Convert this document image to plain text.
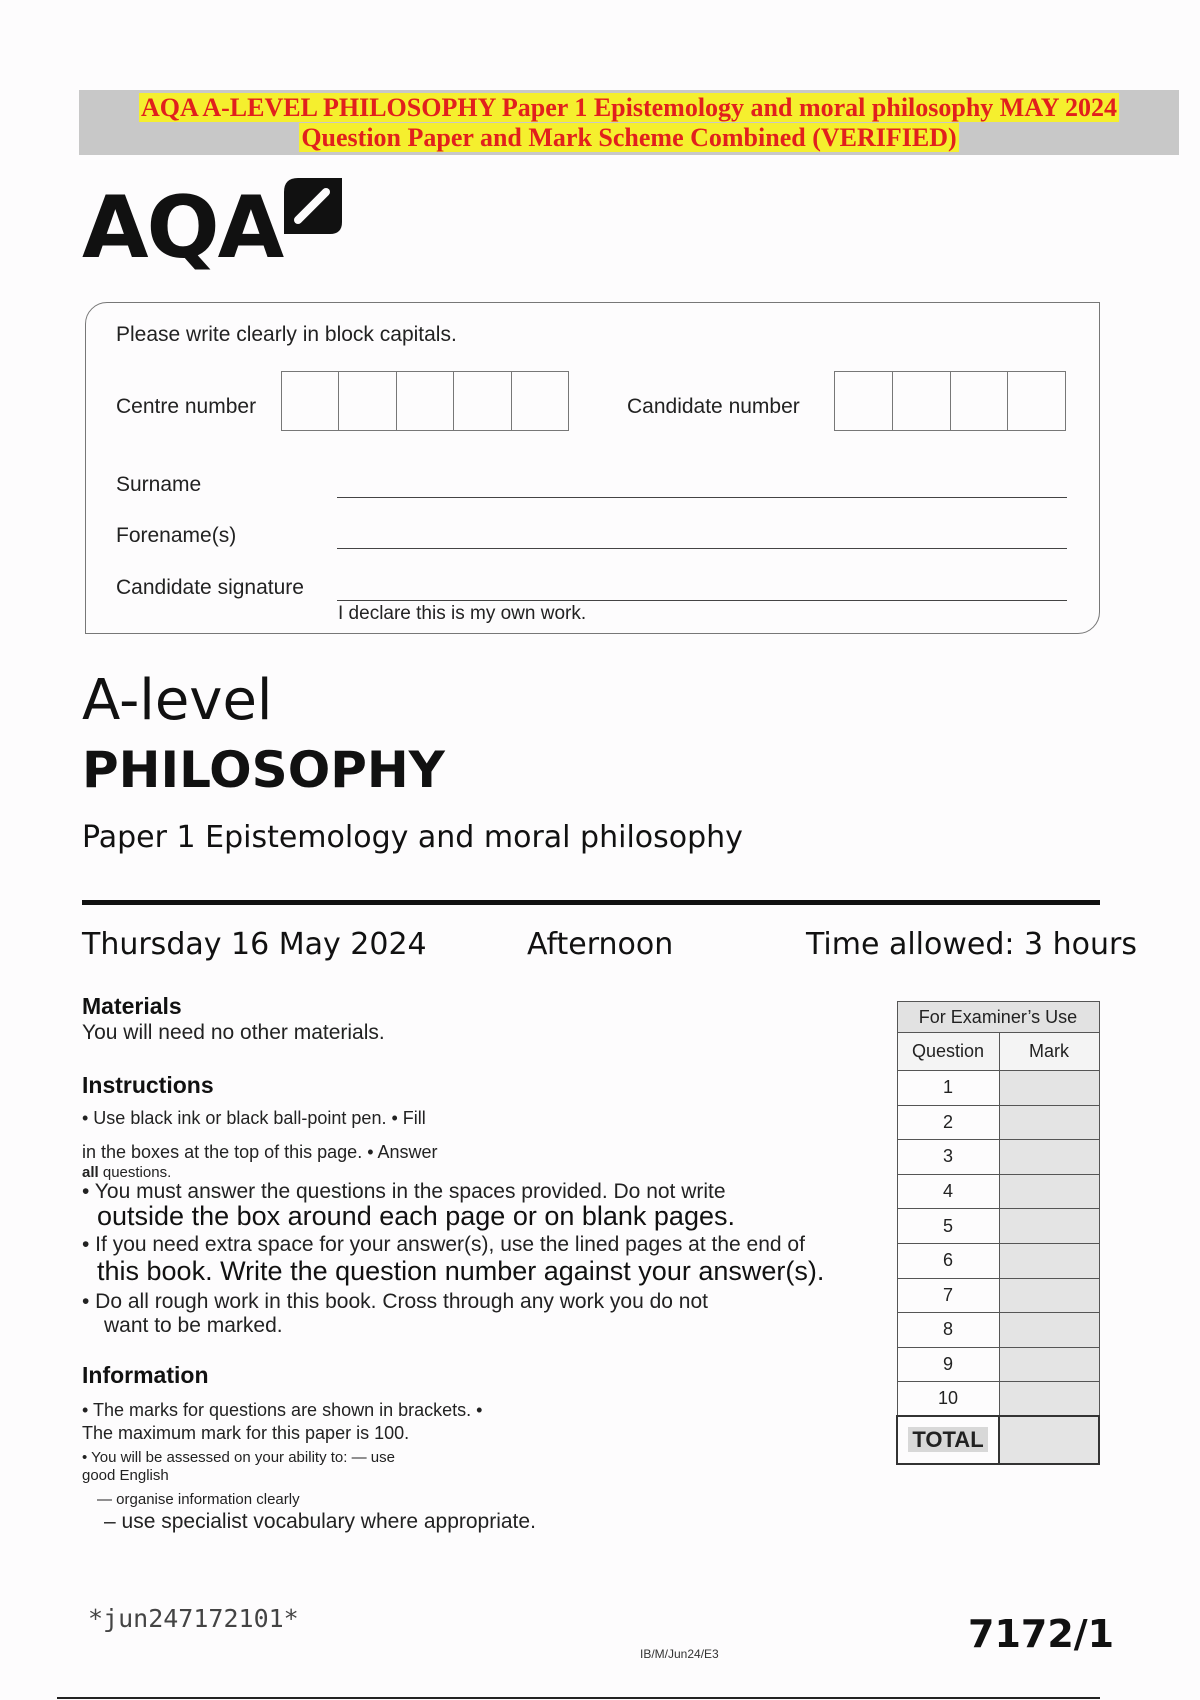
AQA A-LEVEL PHILOSOPHY Paper 1 Epistemology and moral philosophy MAY 2024
Question Paper and Mark Scheme Combined (VERIFIED)
AQA
Please write clearly in block capitals.
Centre number	Candidate number
Surname
Forename(s)
Candidate signature
I declare this is my own work.
A-level
PHILOSOPHY
Paper 1 Epistemology and moral philosophy
Thursday 16 May 2024	Afternoon	Time allowed: 3 hours
Materials
You will need no other materials.
Instructions
• Use black ink or black ball-point pen. • Fill
in the boxes at the top of this page. • Answer
all questions.
• You must answer the questions in the spaces provided. Do not write
outside the box around each page or on blank pages.
• If you need extra space for your answer(s), use the lined pages at the end of
this book. Write the question number against your answer(s).
• Do all rough work in this book. Cross through any work you do not
want to be marked.
Information
• The marks for questions are shown in brackets. •
The maximum mark for this paper is 100.
• You will be assessed on your ability to: — use
good English
— organise information clearly
– use specialist vocabulary where appropriate.
For Examiner’s Use	
Question	Mark
1	
2	
3	
4	
5	
6	
7	
8	
9	
10	
TOTAL	
*jun247172101*
IB/M/Jun24/E3	7172/1
